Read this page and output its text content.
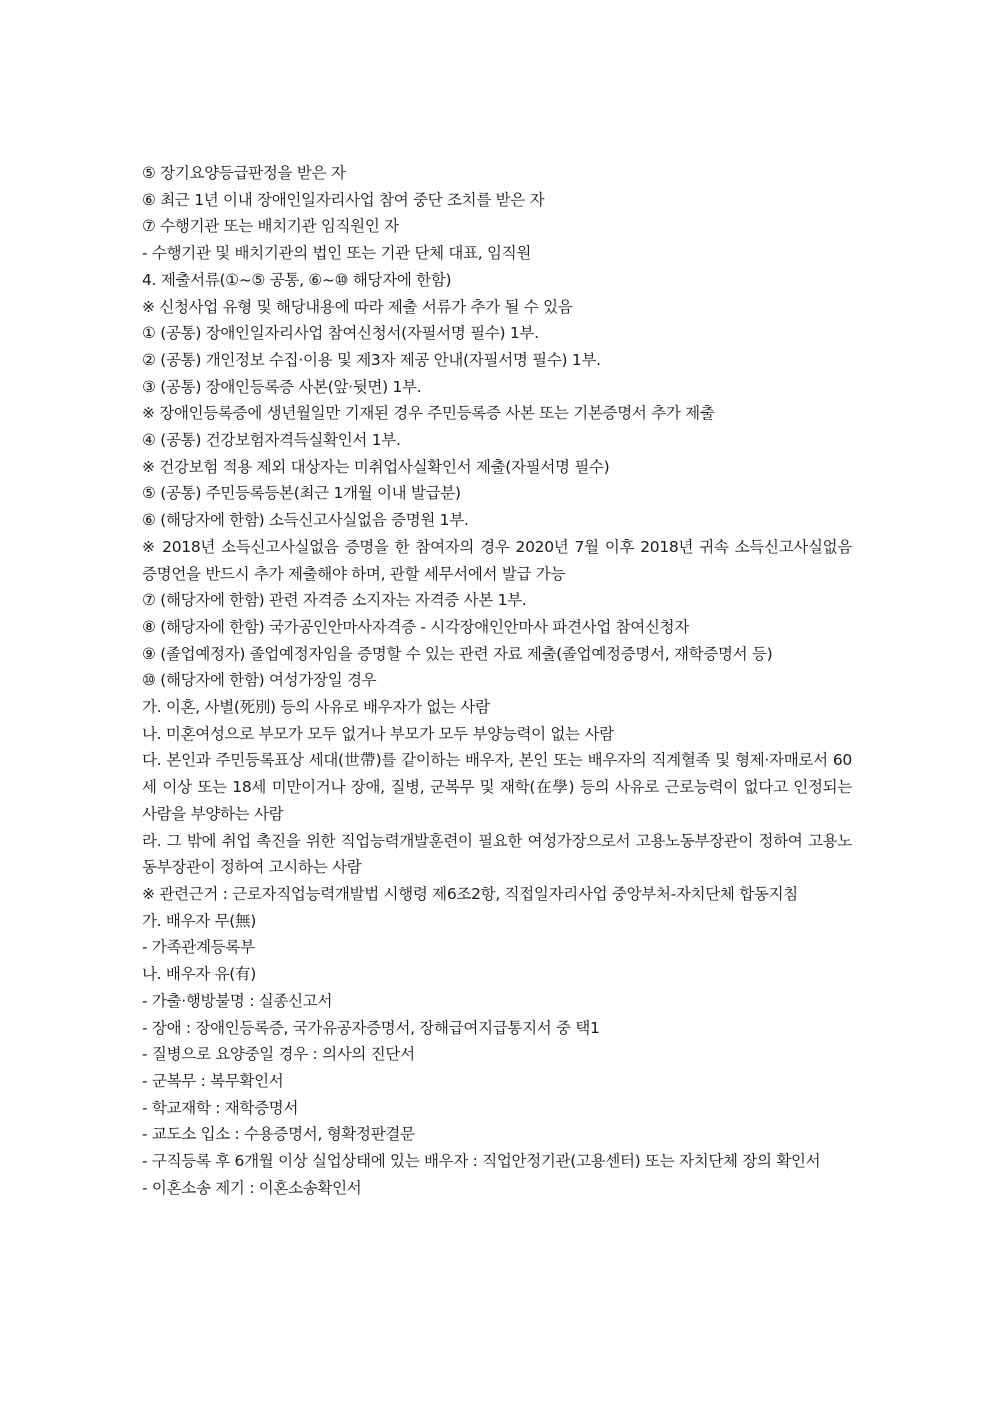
⑤ 장기요양등급판정을 받은 자
⑥ 최근 1년 이내 장애인일자리사업 참여 중단 조치를 받은 자
⑦ 수행기관 또는 배치기관 임직원인 자
- 수행기관 및 배치기관의 법인 또는 기관 단체 대표, 임직원
4. 제출서류(①~⑤ 공통, ⑥~⑩ 해당자에 한함)
※ 신청사업 유형 및 해당내용에 따라 제출 서류가 추가 될 수 있음
① (공통) 장애인일자리사업 참여신청서(자필서명 필수) 1부.
② (공통) 개인정보 수집·이용 및 제3자 제공 안내(자필서명 필수) 1부.
③ (공통) 장애인등록증 사본(앞·뒷면) 1부.
※ 장애인등록증에 생년월일만 기재된 경우 주민등록증 사본 또는 기본증명서 추가 제출
④ (공통) 건강보험자격득실확인서 1부.
※ 건강보험 적용 제외 대상자는 미취업사실확인서 제출(자필서명 필수)
⑤ (공통) 주민등록등본(최근 1개월 이내 발급분)
⑥ (해당자에 한함) 소득신고사실없음 증명원 1부.
※ 2018년 소득신고사실없음 증명을 한 참여자의 경우 2020년 7월 이후 2018년 귀속 소득신고사실없음 증명언을 반드시 추가 제출해야 하며, 관할 세무서에서 발급 가능
⑦ (해당자에 한함) 관련 자격증 소지자는 자격증 사본 1부.
⑧ (해당자에 한함) 국가공인안마사자격증 - 시각장애인안마사 파견사업 참여신청자
⑨ (졸업예정자) 졸업예정자임을 증명할 수 있는 관련 자료 제출(졸업예정증명서, 재학증명서 등)
⑩ (해당자에 한함) 여성가장일 경우
가. 이혼, 사별(死別) 등의 사유로 배우자가 없는 사람
나. 미혼여성으로 부모가 모두 없거나 부모가 모두 부양능력이 없는 사람
다. 본인과 주민등록표상 세대(世帶)를 같이하는 배우자, 본인 또는 배우자의 직계혈족 및 형제·자매로서 60세 이상 또는 18세 미만이거나 장애, 질병, 군복무 및 재학(在學) 등의 사유로 근로능력이 없다고 인정되는 사람을 부양하는 사람
라. 그 밖에 취업 촉진을 위한 직업능력개발훈련이 필요한 여성가장으로서 고용노동부장관이 정하여 고용노동부장관이 정하여 고시하는 사람
※ 관련근거 : 근로자직업능력개발법 시행령 제6조2항, 직접일자리사업 중앙부처-자치단체 합동지침
가. 배우자 무(無)
- 가족관계등록부
나. 배우자 유(有)
- 가출·행방불명 : 실종신고서
- 장애 : 장애인등록증, 국가유공자증명서, 장해급여지급통지서 중 택1
- 질병으로 요양중일 경우 : 의사의 진단서
- 군복무 : 복무확인서
- 학교재학 : 재학증명서
- 교도소 입소 : 수용증명서, 형확정판결문
- 구직등록 후 6개월 이상 실업상태에 있는 배우자 : 직업안정기관(고용센터) 또는 자치단체 장의 확인서
- 이혼소송 제기 : 이혼소송확인서
